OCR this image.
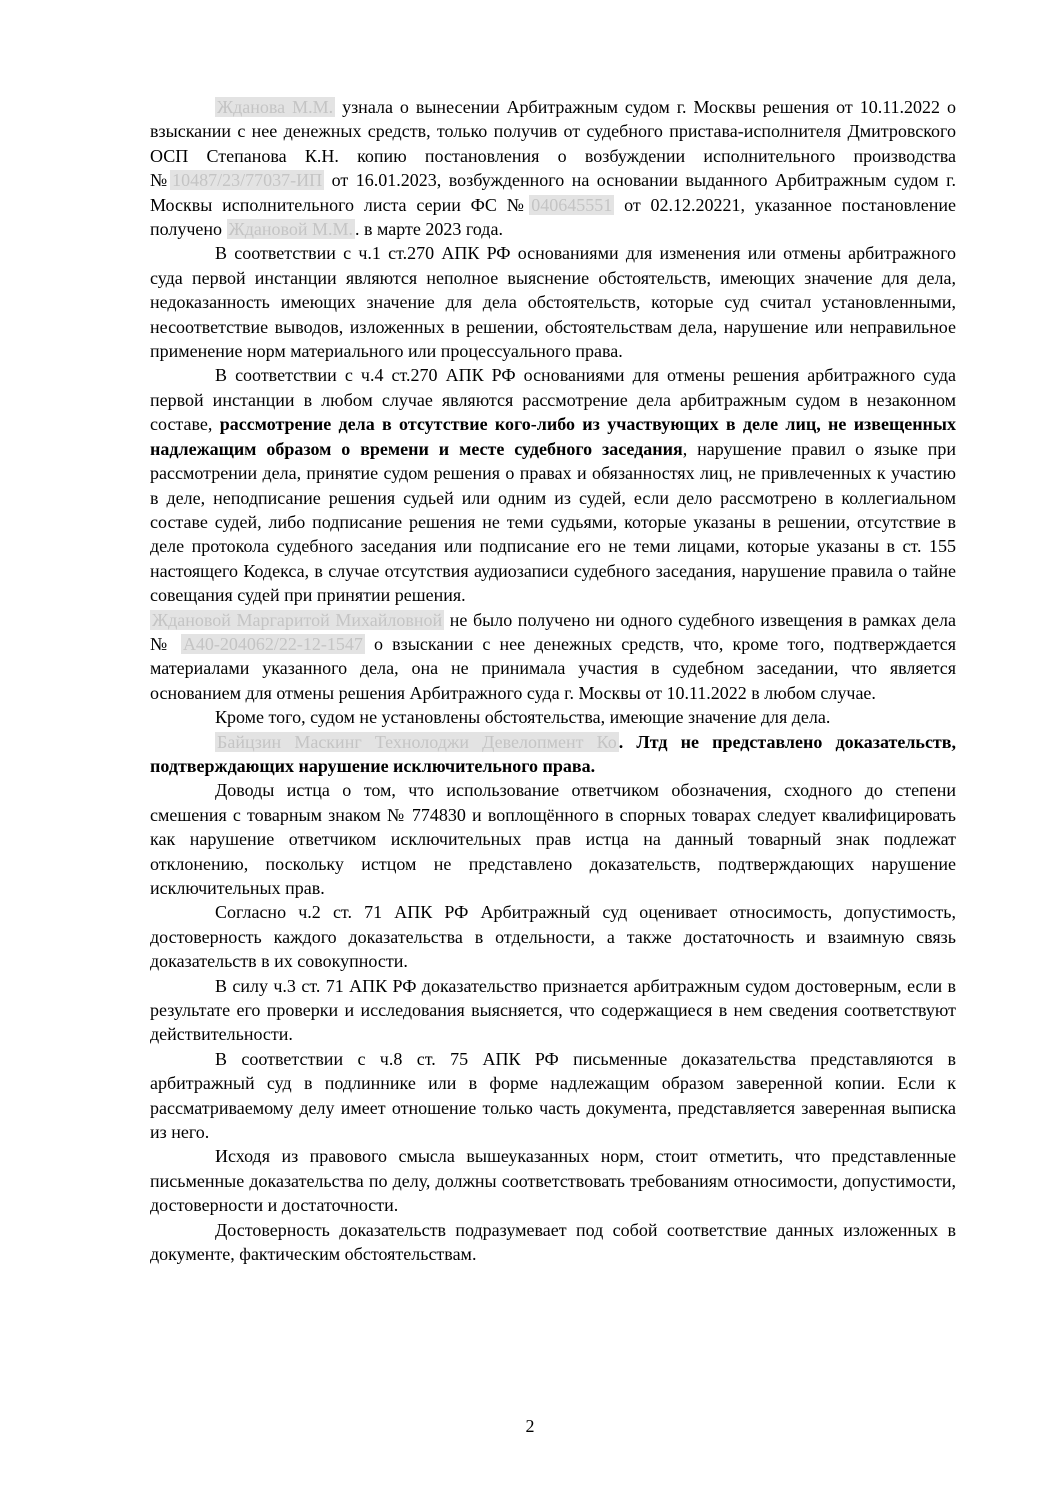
Жданова М.М. узнала о вынесении Арбитражным судом г. Москвы решения от 10.11.2022 о взыскании с нее денежных средств, только получив от судебного пристава-исполнителя Дмитровского ОСП Степанова К.Н. копию постановления о возбуждении исполнительного производства № 10487/23/77037-ИП от 16.01.2023, возбужденного на основании выданного Арбитражным судом г. Москвы исполнительного листа серии ФС № 040645551 от 02.12.20221, указанное постановление получено Ждановой М.М. . в марте 2023 года.

В соответствии с ч.1 ст.270 АПК РФ основаниями для изменения или отмены арбитражного суда первой инстанции являются неполное выяснение обстоятельств, имеющих значение для дела, недоказанность имеющих значение для дела обстоятельств, которые суд считал установленными, несоответствие выводов, изложенных в решении, обстоятельствам дела, нарушение или неправильное применение норм материального или процессуального права.

В соответствии с ч.4 ст.270 АПК РФ основаниями для отмены решения арбитражного суда первой инстанции в любом случае являются рассмотрение дела арбитражным судом в незаконном составе, рассмотрение дела в отсутствие кого-либо из участвующих в деле лиц, не извещенных надлежащим образом о времени и месте судебного заседания, нарушение правил о языке при рассмотрении дела, принятие судом решения о правах и обязанностях лиц, не привлеченных к участию в деле, неподписание решения судьей или одним из судей, если дело рассмотрено в коллегиальном составе судей, либо подписание решения не теми судьями, которые указаны в решении, отсутствие в деле протокола судебного заседания или подписание его не теми лицами, которые указаны в ст. 155 настоящего Кодекса, в случае отсутствия аудиозаписи судебного заседания, нарушение правила о тайне совещания судей при принятии решения.

Ждановой Маргаритой Михайловной не было получено ни одного судебного извещения в рамках дела № А40-204062/22-12-1547 о взыскании с нее денежных средств, что, кроме того, подтверждается материалами указанного дела, она не принимала участия в судебном заседании, что является основанием для отмены решения Арбитражного суда г. Москвы от 10.11.2022 в любом случае.

Кроме того, судом не установлены обстоятельства, имеющие значение для дела.

Байцзин Маскинг Технолоджи Девелопмент Ко . Лтд не представлено доказательств, подтверждающих нарушение исключительного права.

Доводы истца о том, что использование ответчиком обозначения, сходного до степени смешения с товарным знаком № 774830 и воплощённого в спорных товарах следует квалифицировать как нарушение ответчиком исключительных прав истца на данный товарный знак подлежат отклонению, поскольку истцом не представлено доказательств, подтверждающих нарушение исключительных прав.

Согласно ч.2 ст. 71 АПК РФ Арбитражный суд оценивает относимость, допустимость, достоверность каждого доказательства в отдельности, а также достаточность и взаимную связь доказательств в их совокупности.

В силу ч.3 ст. 71 АПК РФ доказательство признается арбитражным судом достоверным, если в результате его проверки и исследования выясняется, что содержащиеся в нем сведения соответствуют действительности.

В соответствии с ч.8 ст. 75 АПК РФ письменные доказательства представляются в арбитражный суд в подлиннике или в форме надлежащим образом заверенной копии. Если к рассматриваемому делу имеет отношение только часть документа, представляется заверенная выписка из него.

Исходя из правового смысла вышеуказанных норм, стоит отметить, что представленные письменные доказательства по делу, должны соответствовать требованиям относимости, допустимости, достоверности и достаточности.

Достоверность доказательств подразумевает под собой соответствие данных изложенных в документе, фактическим обстоятельствам.

2
